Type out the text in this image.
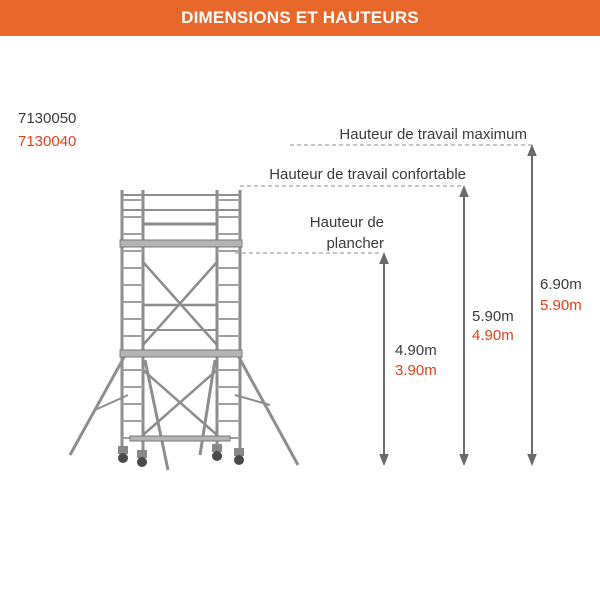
DIMENSIONS ET HAUTEURS
7130050
7130040	Hauteur de travail maximum
Hauteur de travail confortable
Hauteur de
plancher
4.90m
3.90m
5.90m
4.90m
6.90m
5.90m
